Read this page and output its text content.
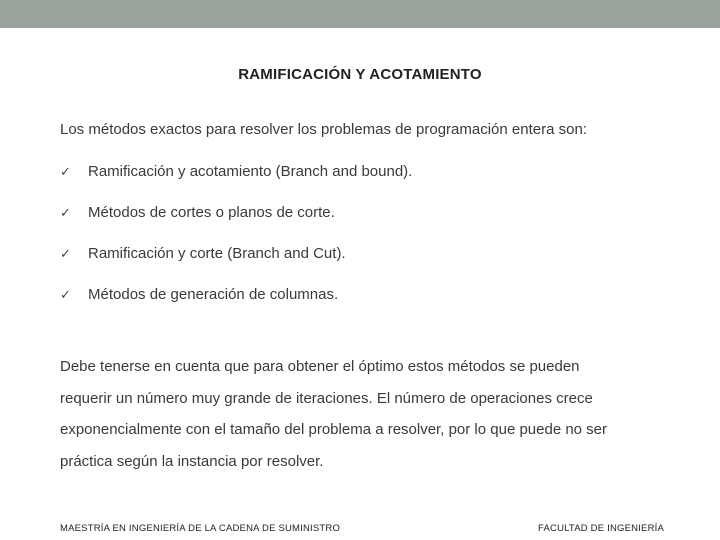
RAMIFICACIÓN Y ACOTAMIENTO
Los métodos exactos para resolver los problemas de programación entera son:
✓ Ramificación y acotamiento (Branch and bound).
✓ Métodos de cortes o planos de corte.
✓ Ramificación y corte (Branch and Cut).
✓ Métodos de generación de columnas.
Debe tenerse en cuenta que para obtener el óptimo estos métodos se pueden
requerir un número muy grande de iteraciones. El número de operaciones crece
exponencialmente con el tamaño del problema a resolver, por lo que puede no ser
práctica según la instancia por resolver.
MAESTRÍA EN INGENIERÍA DE LA CADENA DE SUMINISTRO	FACULTAD DE INGENIERÍA
